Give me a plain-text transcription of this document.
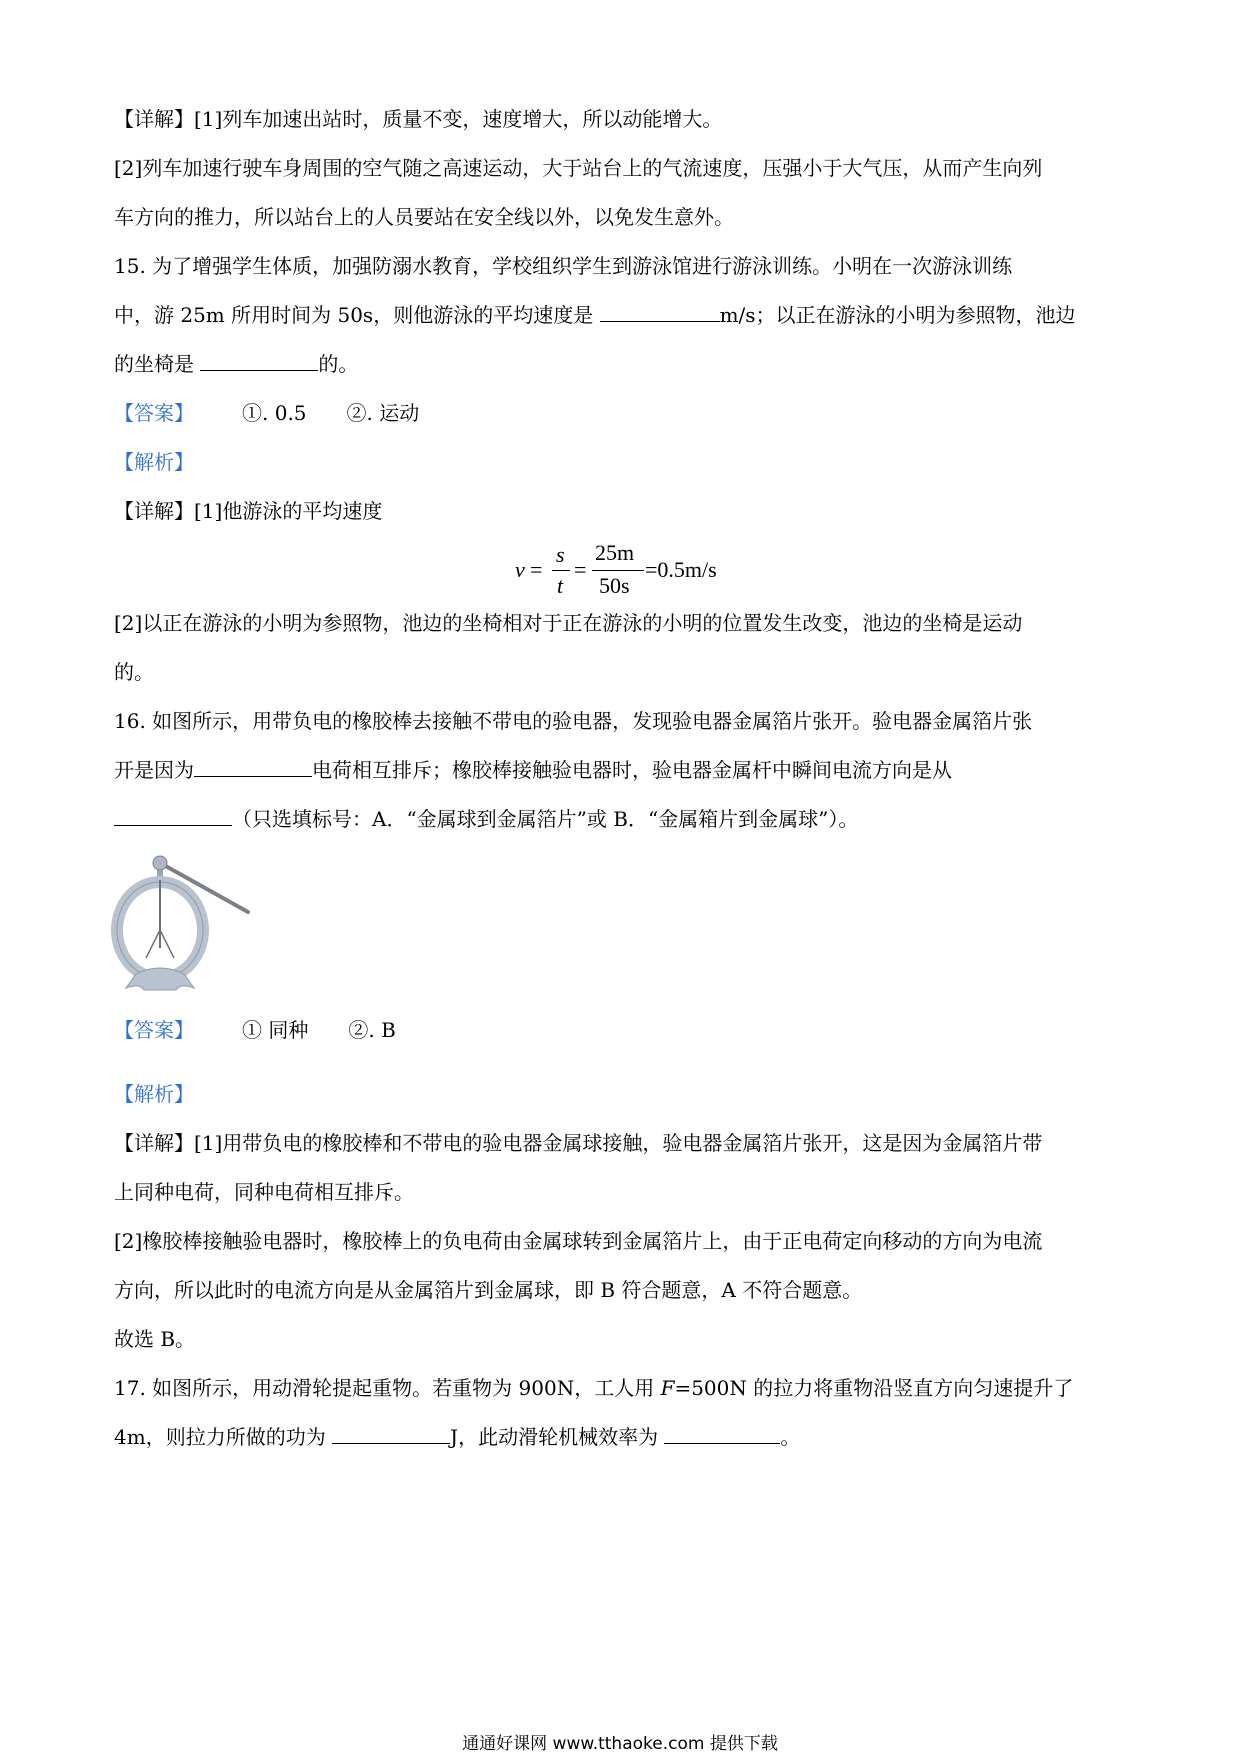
【详解】[1]列车加速出站时，质量不变，速度增大，所以动能增大。
[2]列车加速行驶车身周围的空气随之高速运动，大于站台上的气流速度，压强小于大气压，从而产生向列
车方向的推力，所以站台上的人员要站在安全线以外，以免发生意外。
15. 为了增强学生体质，加强防溺水教育，学校组织学生到游泳馆进行游泳训练。小明在一次游泳训练
中，游 25m 所用时间为 50s，则他游泳的平均速度是	m/s；以正在游泳的小明为参照物，池边
的坐椅是	的。
【答案】 ①. 0.5　　②. 运动
【解析】
【详解】[1]他游泳的平均速度
v =
s
t
=
25m
50s
=0.5m/s
[2]以正在游泳的小明为参照物，池边的坐椅相对于正在游泳的小明的位置发生改变，池边的坐椅是运动
的。
16. 如图所示，用带负电的橡胶棒去接触不带电的验电器，发现验电器金属箔片张开。验电器金属箔片张
开是因为	电荷相互排斥；橡胶棒接触验电器时，验电器金属杆中瞬间电流方向是从
（只选填标号：A．“金属球到金属箔片”或 B．“金属箱片到金属球”）。
【答案】 ① 同种　　②. B
【解析】
【详解】[1]用带负电的橡胶棒和不带电的验电器金属球接触，验电器金属箔片张开，这是因为金属箔片带
上同种电荷，同种电荷相互排斥。
[2]橡胶棒接触验电器时，橡胶棒上的负电荷由金属球转到金属箔片上，由于正电荷定向移动的方向为电流
方向，所以此时的电流方向是从金属箔片到金属球，即 B 符合题意，A 不符合题意。
故选 B。
17. 如图所示，用动滑轮提起重物。若重物为 900N，工人用 F=500N 的拉力将重物沿竖直方向匀速提升了
4m，则拉力所做的功为	J，此动滑轮机械效率为	。
通通好课网 www.tthaoke.com 提供下载
